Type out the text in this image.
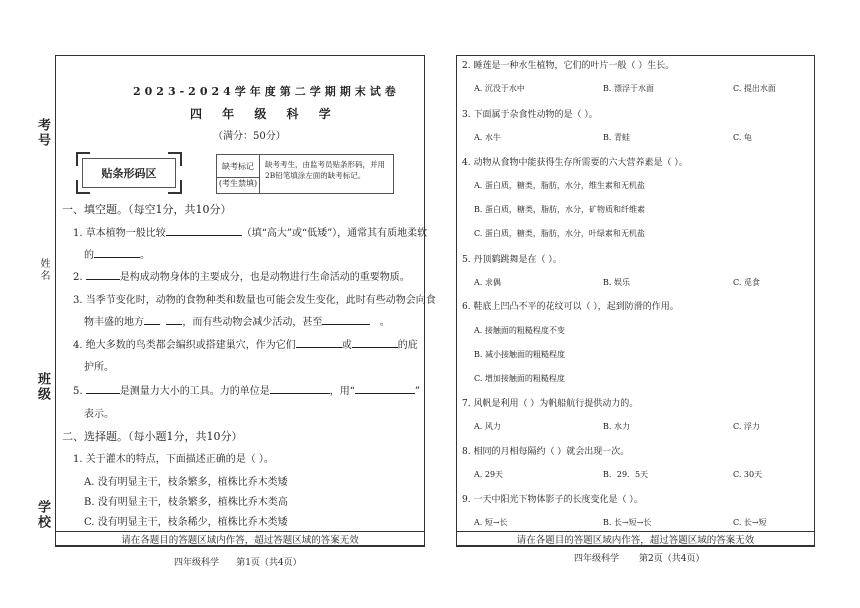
考号
姓名
班级
学校
2023-2024学年度第二学期期末试卷
四 年 级 科 学
（满分：50分）
贴条形码区
缺考标记
(考生禁填)
缺考考生，由监考员贴条形码，并用2B铅笔填涂左面的缺考标记。
一、填空题。（每空1分，共10分）
1. 草本植物一般比较	（填“高大”或“低矮”），通常其有质地柔软
的	。
2.	是构成动物身体的主要成分，也是动物进行生命活动的重要物质。
3. 当季节变化时，动物的食物种类和数量也可能会发生变化，此时有些动物会向食
物丰盛的地方	，而有些动物会减少活动，甚至	。
4. 绝大多数的鸟类都会编织或搭建巢穴，作为它们	或	的庇
护所。
5.	是测量力大小的工具。力的单位是	，用“	”
表示。
二、选择题。（每小题1分，共10分）
1. 关于灌木的特点，下面描述正确的是（ ）。
A. 没有明显主干，枝条繁多，植株比乔木类矮
B. 没有明显主干，枝条繁多，植株比乔木类高
C. 没有明显主干，枝条稀少，植株比乔木类矮
请在各题目的答题区域内作答，超过答题区域的答案无效
四年级科学 第1页（共4页）
2. 睡莲是一种水生植物，它们的叶片一般（ ）生长。
A. 沉没于水中	B. 漂浮于水面	C. 提出水面
3. 下面属于杂食性动物的是（ ）。
A. 水牛	B. 青蛙	C. 龟
4. 动物从食物中能获得生存所需要的六大营养素是（ ）。
A. 蛋白质，糖类，脂肪，水分，维生素和无机盐
B. 蛋白质，糖类，脂肪，水分，矿物质和纤维素
C. 蛋白质，糖类，脂肪，水分，叶绿素和无机盐
5. 丹顶鹤跳舞是在（ ）。
A. 求偶	B. 娱乐	C. 觅食
6. 鞋底上凹凸不平的花纹可以（ ），起到防滑的作用。
A. 接触面的粗糙程度不变
B. 减小接触面的粗糙程度
C. 增加接触面的粗糙程度
7. 风帆是利用（ ）为帆船航行提供动力的。
A. 风力	B. 水力	C. 浮力
8. 相同的月相每隔约（ ）就会出现一次。
A. 29天	B．29．5天	C. 30天
9. 一天中阳光下物体影子的长度变化是（ ）。
A. 短→长	B. 长→短→长	C. 长→短
请在各题目的答题区域内作答，超过答题区域的答案无效
四年级科学 第2页（共4页）
